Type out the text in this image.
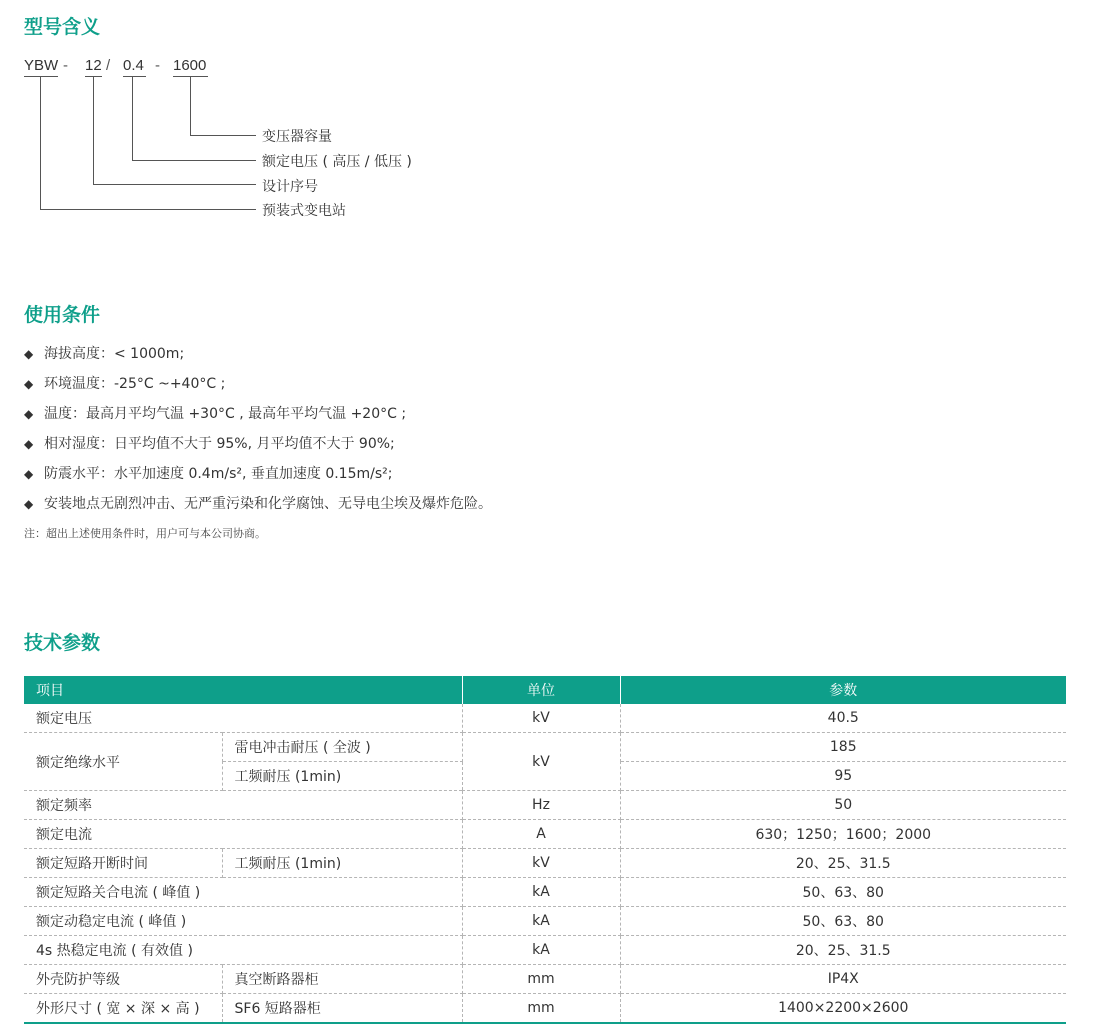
型号含义
YBW - 12 / 0.4 - 1600
变压器容量
额定电压 ( 高压 / 低压 )
设计序号
预装式变电站
使用条件
◆ 海拔高度：< 1000m;
◆ 环境温度：-25°C ~+40°C ;
◆ 温度：最高月平均气温 +30°C , 最高年平均气温 +20°C ;
◆ 相对湿度：日平均值不大于 95%, 月平均值不大于 90%;
◆ 防震水平：水平加速度 0.4m/s², 垂直加速度 0.15m/s²;
◆ 安装地点无剧烈冲击、无严重污染和化学腐蚀、无导电尘埃及爆炸危险。
注：超出上述使用条件时，用户可与本公司协商。
技术参数
项目		单位	参数
额定电压		kV	40.5
额定绝缘水平	雷电冲击耐压 ( 全波 )	kV	185
	工频耐压 (1min)		95
额定频率		Hz	50
额定电流		A	630；1250；1600；2000
额定短路开断时间	工频耐压 (1min)	kV	20、25、31.5
额定短路关合电流 ( 峰值 )		kA	50、63、80
额定动稳定电流 ( 峰值 )		kA	50、63、80
4s 热稳定电流 ( 有效值 )		kA	20、25、31.5
外壳防护等级	真空断路器柜	mm	IP4X
外形尺寸 ( 宽 × 深 × 高 )	SF6 短路器柜	mm	1400×2200×2600
